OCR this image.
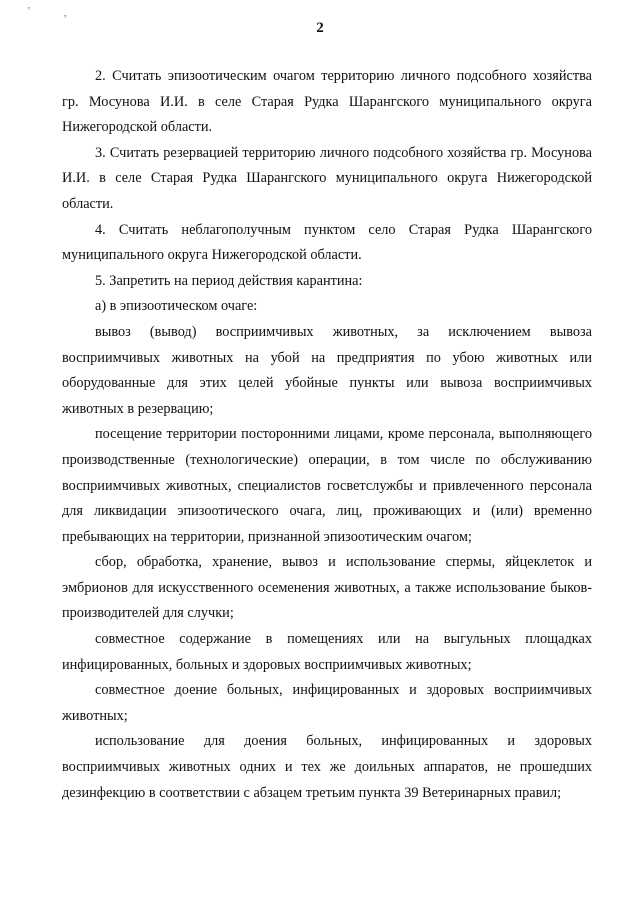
'	,
2

2. Считать эпизоотическим очагом территорию личного подсобного хозяйства гр. Мосунова И.И. в селе Старая Рудка Шарангского муниципального округа Нижегородской области.

3. Считать резервацией территорию личного подсобного хозяйства гр. Мосунова И.И. в селе Старая Рудка Шарангского муниципального округа Нижегородской области.

4. Считать неблагополучным пунктом село Старая Рудка Шарангского муниципального округа Нижегородской области.

5. Запретить на период действия карантина:

а) в эпизоотическом очаге:

вывоз (вывод) восприимчивых животных, за исключением вывоза восприимчивых животных на убой на предприятия по убою животных или оборудованные для этих целей убойные пункты или вывоза восприимчивых животных в резервацию;

посещение территории посторонними лицами, кроме персонала, выполняющего производственные (технологические) операции, в том числе по обслуживанию восприимчивых животных, специалистов госветслужбы и привлеченного персонала для ликвидации эпизоотического очага, лиц, проживающих и (или) временно пребывающих на территории, признанной эпизоотическим очагом;

сбор, обработка, хранение, вывоз и использование спермы, яйцеклеток и эмбрионов для искусственного осеменения животных, а также использование быков-производителей для случки;

совместное содержание в помещениях или на выгульных площадках инфицированных, больных и здоровых восприимчивых животных;

совместное доение больных, инфицированных и здоровых восприимчивых животных;

использование для доения больных, инфицированных и здоровых восприимчивых животных одних и тех же доильных аппаратов, не прошедших дезинфекцию в соответствии с абзацем третьим пункта 39 Ветеринарных правил;
